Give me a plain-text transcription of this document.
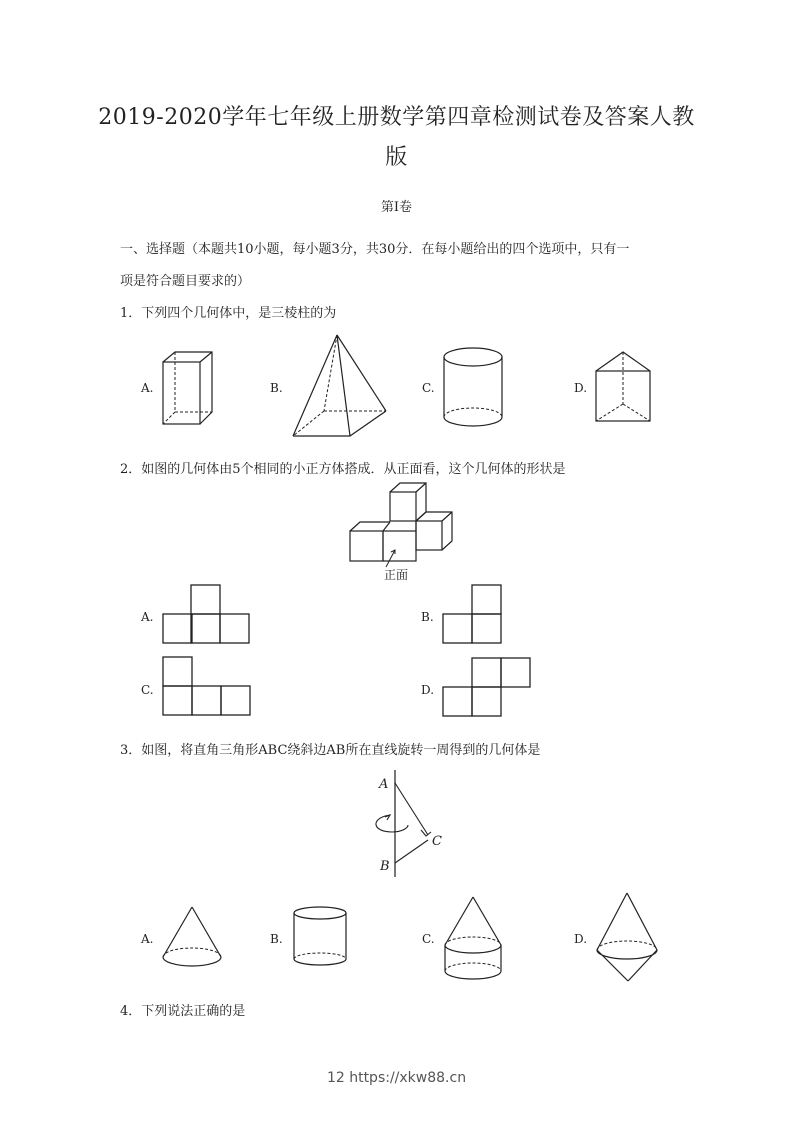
2019-2020学年七年级上册数学第四章检测试卷及答案人教
版
第Ⅰ卷
一、选择题（本题共10小题，每小题3分，共30分．在每小题给出的四个选项中，只有一
项是符合题目要求的）
1．下列四个几何体中，是三棱柱的为
A.	B.	C.	D.
2．如图的几何体由5个相同的小正方体搭成．从正面看，这个几何体的形状是
正面
A.	B.
C.	D.
3．如图，将直角三角形ABC绕斜边AB所在直线旋转一周得到的几何体是
A
C
B
A.	B.	C.	D.
4．下列说法正确的是
12 https://xkw88.cn
